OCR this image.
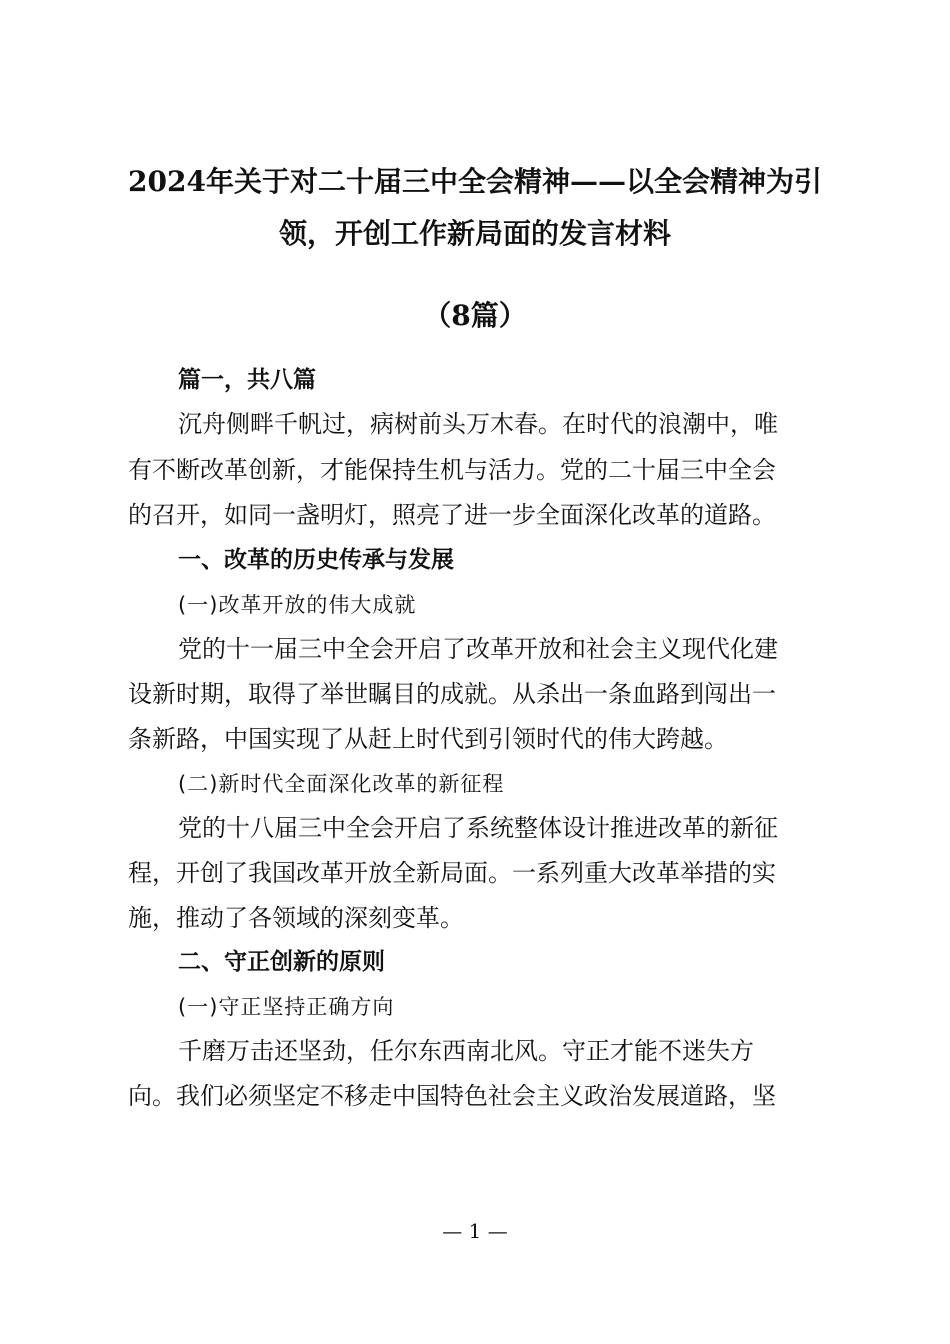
2024年关于对二十届三中全会精神——以全会精神为引
领，开创工作新局面的发言材料
（8篇）
篇一，共八篇
沉舟侧畔千帆过，病树前头万木春。在时代的浪潮中，唯
有不断改革创新，才能保持生机与活力。党的二十届三中全会
的召开，如同一盏明灯，照亮了进一步全面深化改革的道路。
一、改革的历史传承与发展
(一)改革开放的伟大成就
党的十一届三中全会开启了改革开放和社会主义现代化建
设新时期，取得了举世瞩目的成就。从杀出一条血路到闯出一
条新路，中国实现了从赶上时代到引领时代的伟大跨越。
(二)新时代全面深化改革的新征程
党的十八届三中全会开启了系统整体设计推进改革的新征
程，开创了我国改革开放全新局面。一系列重大改革举措的实
施，推动了各领域的深刻变革。
二、守正创新的原则
(一)守正坚持正确方向
千磨万击还坚劲，任尔东西南北风。守正才能不迷失方
向。我们必须坚定不移走中国特色社会主义政治发展道路，坚
— 1 —
